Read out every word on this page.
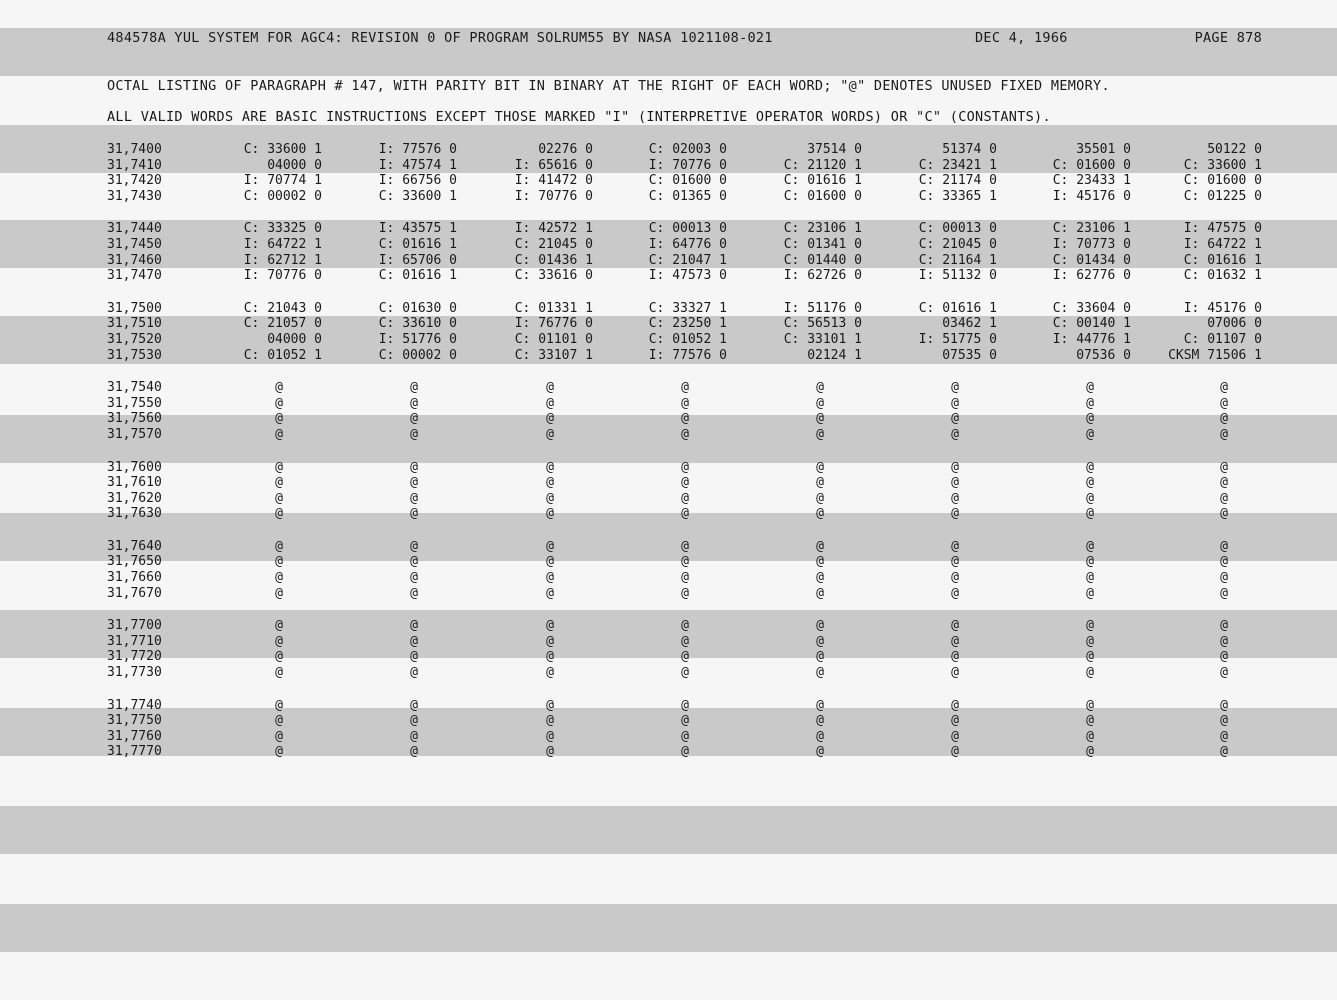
484578A YUL SYSTEM FOR AGC4: REVISION 0 OF PROGRAM SOLRUM55 BY NASA 1021108-021	DEC 4, 1966	PAGE 878
OCTAL LISTING OF PARAGRAPH # 147, WITH PARITY BIT IN BINARY AT THE RIGHT OF EACH WORD; "@" DENOTES UNUSED FIXED MEMORY.
ALL VALID WORDS ARE BASIC INSTRUCTIONS EXCEPT THOSE MARKED "I" (INTERPRETIVE OPERATOR WORDS) OR "C" (CONSTANTS).
31,7400	C: 33600 1	I: 77576 0	02276 0	C: 02003 0	37514 0	51374 0	35501 0	50122 0
31,7410	04000 0	I: 47574 1	I: 65616 0	I: 70776 0	C: 21120 1	C: 23421 1	C: 01600 0	C: 33600 1
31,7420	I: 70774 1	I: 66756 0	I: 41472 0	C: 01600 0	C: 01616 1	C: 21174 0	C: 23433 1	C: 01600 0
31,7430	C: 00002 0	C: 33600 1	I: 70776 0	C: 01365 0	C: 01600 0	C: 33365 1	I: 45176 0	C: 01225 0
31,7440	C: 33325 0	I: 43575 1	I: 42572 1	C: 00013 0	C: 23106 1	C: 00013 0	C: 23106 1	I: 47575 0
31,7450	I: 64722 1	C: 01616 1	C: 21045 0	I: 64776 0	C: 01341 0	C: 21045 0	I: 70773 0	I: 64722 1
31,7460	I: 62712 1	I: 65706 0	C: 01436 1	C: 21047 1	C: 01440 0	C: 21164 1	C: 01434 0	C: 01616 1
31,7470	I: 70776 0	C: 01616 1	C: 33616 0	I: 47573 0	I: 62726 0	I: 51132 0	I: 62776 0	C: 01632 1
31,7500	C: 21043 0	C: 01630 0	C: 01331 1	C: 33327 1	I: 51176 0	C: 01616 1	C: 33604 0	I: 45176 0
31,7510	C: 21057 0	C: 33610 0	I: 76776 0	C: 23250 1	C: 56513 0	03462 1	C: 00140 1	07006 0
31,7520	04000 0	I: 51776 0	C: 01101 0	C: 01052 1	C: 33101 1	I: 51775 0	I: 44776 1	C: 01107 0
31,7530	C: 01052 1	C: 00002 0	C: 33107 1	I: 77576 0	02124 1	07535 0	07536 0	CKSM 71506 1
31,7540	@	@	@	@	@	@	@	@
31,7550	@	@	@	@	@	@	@	@
31,7560	@	@	@	@	@	@	@	@
31,7570	@	@	@	@	@	@	@	@
31,7600	@	@	@	@	@	@	@	@
31,7610	@	@	@	@	@	@	@	@
31,7620	@	@	@	@	@	@	@	@
31,7630	@	@	@	@	@	@	@	@
31,7640	@	@	@	@	@	@	@	@
31,7650	@	@	@	@	@	@	@	@
31,7660	@	@	@	@	@	@	@	@
31,7670	@	@	@	@	@	@	@	@
31,7700	@	@	@	@	@	@	@	@
31,7710	@	@	@	@	@	@	@	@
31,7720	@	@	@	@	@	@	@	@
31,7730	@	@	@	@	@	@	@	@
31,7740	@	@	@	@	@	@	@	@
31,7750	@	@	@	@	@	@	@	@
31,7760	@	@	@	@	@	@	@	@
31,7770	@	@	@	@	@	@	@	@
